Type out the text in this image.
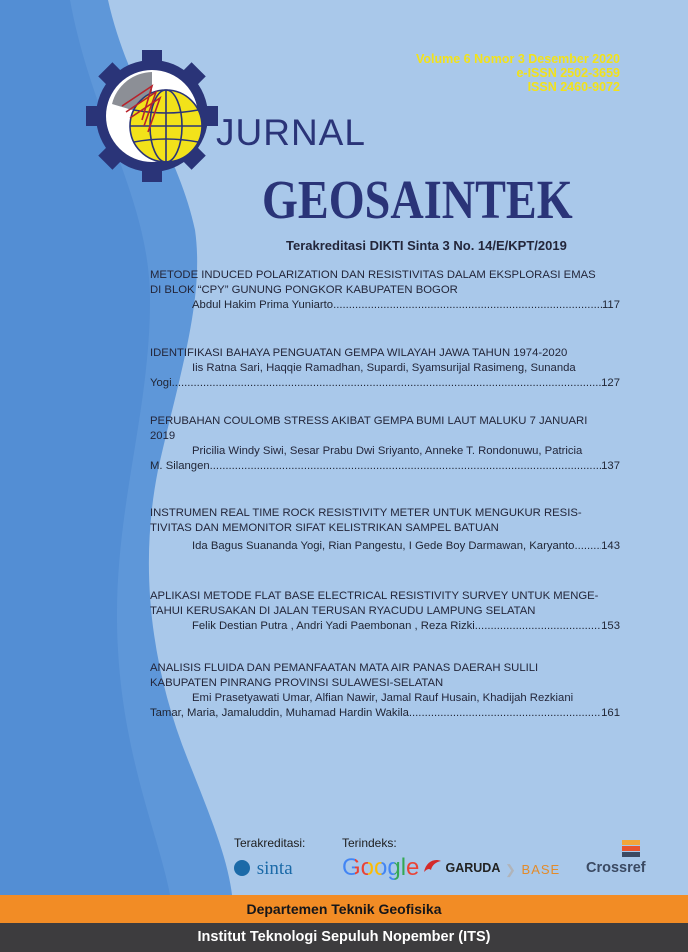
Volume 6 Nomor 3 Desember 2020
e-ISSN 2502-3659
ISSN 2460-9072
JURNAL
GEOSAINTEK
Terakreditasi DIKTI Sinta 3 No. 14/E/KPT/2019
METODE INDUCED POLARIZATION DAN RESISTIVITAS DALAM EKSPLORASI EMAS
DI BLOK “CPY” GUNUNG PONGKOR KABUPATEN BOGOR
Abdul Hakim Prima Yuniarto .....	117
IDENTIFIKASI BAHAYA PENGUATAN GEMPA WILAYAH JAWA TAHUN 1974-2020
Iis Ratna Sari, Haqqie Ramadhan, Supardi, Syamsurijal Rasimeng, Sunanda
Yogi .....	127
PERUBAHAN COULOMB STRESS AKIBAT GEMPA BUMI LAUT MALUKU 7 JANUARI
2019
Pricilia Windy Siwi, Sesar Prabu Dwi Sriyanto, Anneke T. Rondonuwu, Patricia
M. Silangen .....	137
INSTRUMEN REAL TIME ROCK RESISTIVITY METER UNTUK MENGUKUR RESIS-
TIVITAS DAN MEMONITOR SIFAT KELISTRIKAN SAMPEL BATUAN
Ida Bagus Suananda Yogi, Rian Pangestu, I Gede Boy Darmawan, Karyanto ..... 143
APLIKASI METODE FLAT BASE ELECTRICAL RESISTIVITY SURVEY UNTUK MENGE-
TAHUI KERUSAKAN DI JALAN TERUSAN RYACUDU LAMPUNG SELATAN
Felik Destian Putra , Andri Yadi Paembonan , Reza Rizki .....	153
ANALISIS FLUIDA DAN PEMANFAATAN MATA AIR PANAS DAERAH SULILI
KABUPATEN PINRANG PROVINSI SULAWESI-SELATAN
Emi Prasetyawati Umar, Alfian Nawir, Jamal Rauf Husain, Khadijah Rezkiani
Tamar, Maria, Jamaluddin, Muhamad Hardin Wakila .....	161
Terakreditasi:	Terindeks:
sinta Google	GARUDA ❯ BASE Crossref
Departemen Teknik Geofisika
Institut Teknologi Sepuluh Nopember (ITS)
